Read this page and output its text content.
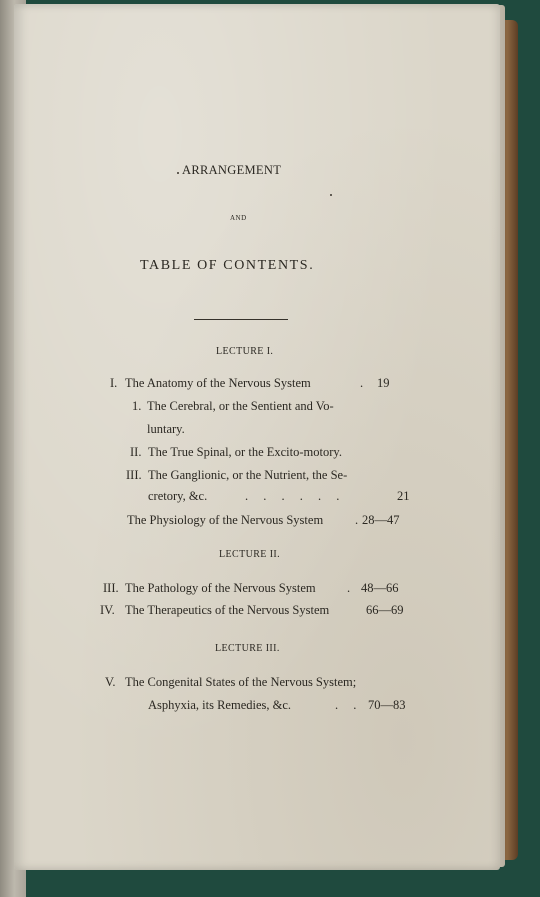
ARRANGEMENT
AND
TABLE OF CONTENTS.
LECTURE I.
I. The Anatomy of the Nervous System	. 19
1. The Cerebral, or the Sentient and Vo-
luntary.
II. The True Spinal, or the Excito-motory.
III. The Ganglionic, or the Nutrient, the Se-
cretory, &c.	. . . . . .	21
The Physiology of the Nervous System	. 28—47
LECTURE II.
III. The Pathology of the Nervous System	. 48—66
IV. The Therapeutics of the Nervous System	66—69
LECTURE III.
V. The Congenital States of the Nervous System;
Asphyxia, its Remedies, &c.	. . 70—83
